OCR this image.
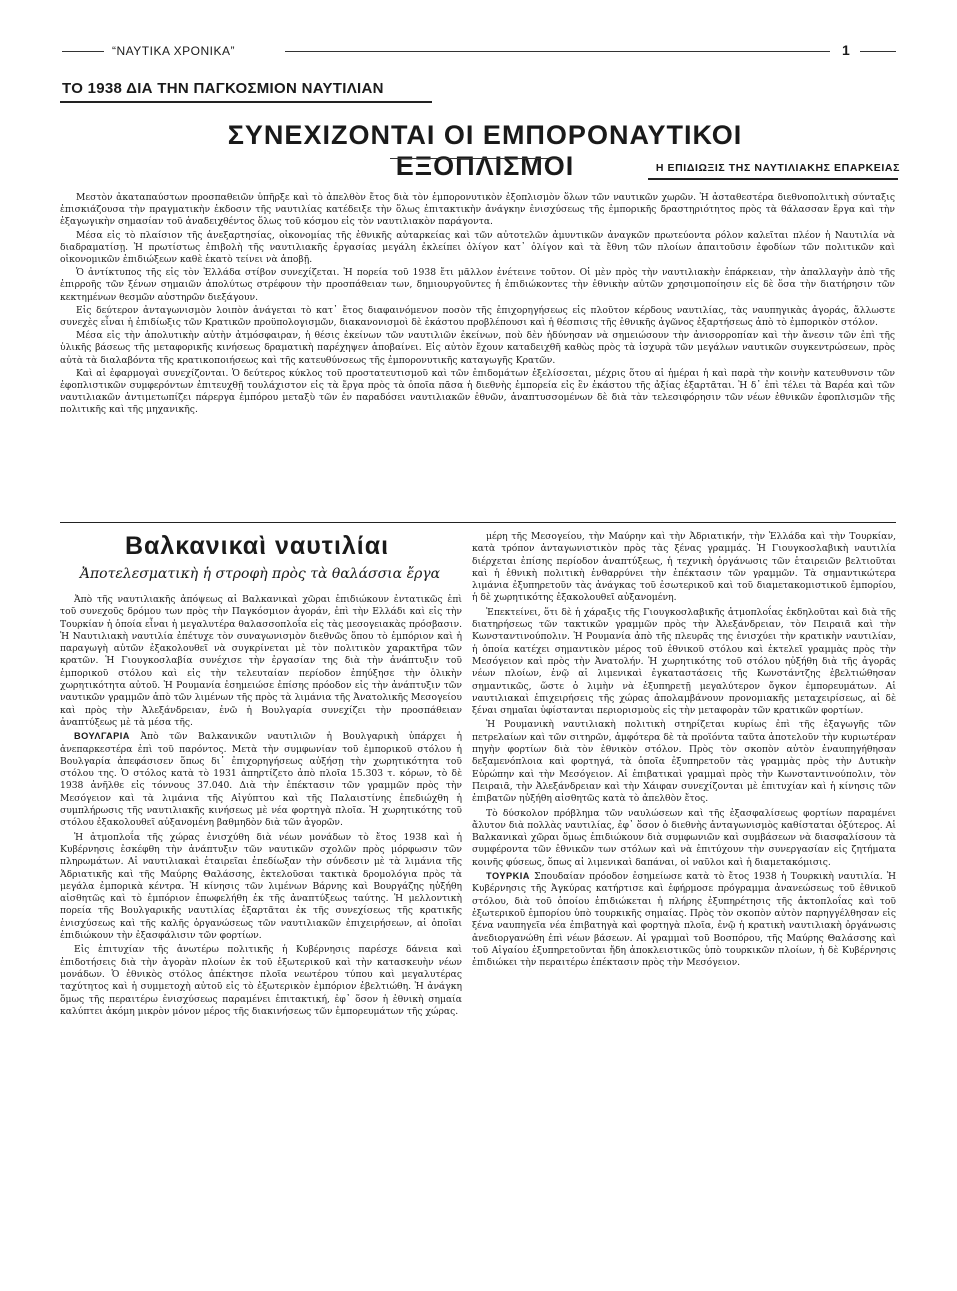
“ΝΑΥΤΙΚΑ ΧΡΟΝΙΚΑ”	1
ΤΟ 1938 ΔΙΑ ΤΗΝ ΠΑΓΚΟΣΜΙΟΝ ΝΑΥΤΙΛΙΑΝ
ΣΥΝΕΧΙΖΟΝΤΑΙ ΟΙ ΕΜΠΟΡΟΝΑΥΤΙΚΟΙ ΕΞΟΠΛΙΣΜΟΙ	Η ΕΠΙΔΙΩΞΙΣ ΤΗΣ ΝΑΥΤΙΛΙΑΚΗΣ ΕΠΑΡΚΕΙΑΣ

Μεστὸν ἀκαταπαύστων προσπαθειῶν ὑπῆρξε καὶ τὸ ἀπελθὸν ἔτος διὰ τὸν ἐμπορονυτικὸν ἐξοπλισμὸν ὅλων τῶν ναυτικῶν χωρῶν. Ἡ ἀσταθεστέρα διεθνοπολιτικὴ σύνταξις ἐπισκιάζουσα τὴν πραγματικὴν ἐκδοσιν τῆς ναυτιλίας κατέδειξε τὴν ὅλως ἐπιτακτικὴν ἀνάγκην ἐνισχύσεως τῆς ἐμπορικῆς δραστηριότητος πρὸς τὰ θάλασσαν ἔργα καὶ τὴν ἐξαγωγικὴν σημασίαν τοῦ ἀναδειχθέντος ὅλως τοῦ κόσμου εἰς τὸν ναυτιλιακὸν παράγοντα.

Μέσα εἰς τὸ πλαίσιον τῆς ἀνεξαρτησίας, οἰκονομίας τῆς ἐθνικῆς αὐταρκείας καὶ τῶν αὐτοτελῶν ἀμυντικῶν ἀναγκῶν πρωτεύοντα ρόλον καλεῖται πλέον ἡ Ναυτιλία νὰ διαδραματίσῃ. Ἡ πρωτίστως ἐπιβολὴ τῆς ναυτιλιακῆς ἐργασίας μεγάλη ἐκλείπει ὀλίγον κατ᾽ ὀλίγον καὶ τὰ ἔθνη τῶν πλοίων ἀπαιτοῦσιν ἐφοδίων τῶν πολιτικῶν καὶ οἰκονομικῶν ἐπιδιώξεων καθὲ ἑκατὸ τείνει νὰ ἀποβῇ.

Ὁ ἀντίκτυπος τῆς εἰς τὸν Ἑλλάδα στίβον συνεχίζεται. Ἡ πορεία τοῦ 1938 ἔτι μᾶλλον ἐνέτεινε τοῦτον. Οἱ μὲν πρὸς τὴν ναυτιλιακὴν ἐπάρκειαν, τὴν ἀπαλλαγὴν ἀπὸ τῆς ἐπιρροῆς τῶν ξένων σημαιῶν ἀπολύτως στρέφουν τὴν προσπάθειαν των, δημιουργοῦντες ἡ ἐπιδιώκοντες τὴν ἐθνικὴν αὐτῶν χρησιμοποίησιν εἰς δὲ ὅσα τὴν διατήρησιν τῶν κεκτημένων θεσμῶν αὐστηρῶν διεξάγουν.

Εἰς δεύτερον ἀνταγωνισμὸν λοιπὸν ἀνάγεται τὸ κατ᾽ ἔτος διαφαινόμενον ποσὸν τῆς ἐπιχορηγήσεως εἰς πλοῦτον κέρδους ναυτιλίας, τὰς ναυπηγικὰς ἀγοράς, ἄλλωστε συνεχὲς εἶναι ἡ ἐπιδίωξις τῶν Κρατικῶν προϋπολογισμῶν, διακανονισμοὶ δὲ ἐκάστου προβλέπουσι καὶ ἡ θέσπισις τῆς ἐθνικῆς ἀγῶνος ἐξαρτήσεως ἀπὸ τὸ ἐμπορικὸν στόλον.

Μέσα εἰς τὴν ἀπολυτικὴν αὐτὴν ἀτμόσφαιραν, ἡ θέσις ἐκείνων τῶν ναυτιλιῶν ἐκείνων, ποὺ δὲν ἠδύνησαν νὰ σημειώσουν τὴν ἀνισορροπίαν καὶ τὴν ἄνεσιν τῶν ἐπὶ τῆς ὑλικῆς βάσεως τῆς μεταφορικῆς κινήσεως δραματικὴ παρέχηψεν ἀποβαίνει. Εἰς αὐτὸν ἔχουν καταδειχθῆ καθὼς πρὸς τὰ ἰσχυρὰ τῶν μεγάλων ναυτικῶν συγκεντρώσεων, πρὸς αὐτὰ τὰ διαλαβόντα τῆς κρατικοποιήσεως καὶ τῆς κατευθύνσεως τῆς ἐμπορονυτικῆς καταγωγῆς Κρατῶν.

Καὶ αἱ ἐφαρμογαὶ συνεχίζονται. Ὁ δεύτερος κύκλος τοῦ προστατευτισμοῦ καὶ τῶν ἐπιδομάτων ἐξελίσσεται, μέχρις ὅτου αἱ ἡμέραι ἡ καὶ παρὰ τὴν κοινὴν κατευθυνσιν τῶν ἐφοπλιστικῶν συμφερόντων ἐπιτευχθῇ τουλάχιστον εἰς τὰ ἔργα πρὸς τὰ ὁποῖα πᾶσα ἡ διεθνὴς ἐμπορεία εἰς ἓν ἑκάστου τῆς ἀξίας ἐξαρτᾶται. Ἠ δ᾽ ἐπὶ τέλει τὰ Βαρέα καὶ τῶν ναυτιλιακῶν ἀντιμετωπίζει πάρεργα ἐμπόρου μεταξὺ τῶν ἐν παραδόσει ναυτιλιακῶν ἐθνῶν, ἀναπτυσσομένων δὲ διὰ τὰν τελεσιφόρησιν τῶν νέων ἐθνικῶν ἐφοπλισμῶν τῆς πολιτικῆς καὶ τῆς μηχανικῆς.

Βαλκανικαὶ ναυτιλίαι
Ἀποτελεσματικὴ ἡ στροφὴ πρὸς τὰ θαλάσσια ἔργα

Ἀπὸ τῆς ναυτιλιακῆς ἀπόψεως αἱ Βαλκανικαὶ χῶραι ἐπιδιώκουν ἐντατικῶς ἐπὶ τοῦ συνεχοῦς δρόμου των πρὸς τὴν Παγκόσμιον ἀγοράν, ἐπὶ τὴν Ελλάδι καὶ εἰς τὴν Τουρκίαν ἡ ὁποία εἶναι ἡ μεγαλυτέρα θαλασσοπλοΐα εἰς τὰς μεσογειακὰς πρόσβασιν. Ἡ Ναυτιλιακὴ ναυτιλία ἐπέτυχε τὸν συναγωνισμὸν διεθνῶς ὅπου τὸ ἐμπόριον καὶ ἡ παραγωγὴ αὐτῶν ἐξακολουθεῖ νὰ συγκρίνεται μὲ τὸν πολιτικὸν χαρακτῆρα τῶν κρατῶν. Ἡ Γιουγκοσλαβία συνέχισε τὴν ἐργασίαν της διὰ τὴν ἀνάπτυξιν τοῦ ἐμπορικοῦ στόλου καὶ εἰς τὴν τελευταίαν περίοδον ἐπηύξησε τὴν ὁλικὴν χωρητικότητα αὐτοῦ. Ἡ Ρουμανία ἐσημειώσε ἐπίσης πρόοδον εἰς τὴν ἀνάπτυξιν τῶν ναυτικῶν γραμμῶν ἀπὸ τῶν λιμένων τῆς πρὸς τὰ λιμάνια τῆς Ἀνατολικῆς Μεσογείου καὶ πρὸς τὴν Ἀλεξάνδρειαν, ἐνῶ ἡ Βουλγαρία συνεχίζει τὴν προσπάθειαν ἀναπτύξεως μὲ τὰ μέσα τῆς.

ΒΟΥΛΓΑΡΙΑ Ἀπὸ τῶν Βαλκανικῶν ναυτιλιῶν ἡ Βουλγαρικὴ ὑπάρχει ἡ ἀνεπαρκεστέρα ἐπὶ τοῦ παρόντος. Μετὰ τὴν συμφωνίαν τοῦ ἐμπορικοῦ στόλου ἡ Βουλγαρία ἀπεφάσισεν ὅπως δι᾽ ἐπιχορηγήσεως αὐξήσῃ τὴν χωρητικότητα τοῦ στόλου της. Ὁ στόλος κατὰ τὸ 1931 ἀπηρτίζετο ἀπὸ πλοῖα 15.303 τ. κόρων, τὸ δὲ 1938 ἀνῆλθε εἰς τόννους 37.040. Διὰ τὴν ἐπέκτασιν τῶν γραμμῶν πρὸς τὴν Μεσόγειον καὶ τὰ λιμάνια τῆς Αἰγύπτου καὶ τῆς Παλαιστίνης ἐπεδιώχθη ἡ συμπλήρωσις τῆς ναυτιλιακῆς κινήσεως μὲ νέα φορτηγὰ πλοῖα. Ἡ χωρητικότης τοῦ στόλου ἐξακολουθεῖ αὐξανομένη βαθμηδὸν διὰ τῶν ἀγορῶν.

Ἡ ἀτμοπλοΐα τῆς χώρας ἐνισχύθη διὰ νέων μονάδων τὸ ἔτος 1938 καὶ ἡ Κυβέρνησις ἐσκέφθη τὴν ἀνάπτυξιν τῶν ναυτικῶν σχολῶν πρὸς μόρφωσιν τῶν πληρωμάτων. Αἱ ναυτιλιακαὶ ἑταιρεῖαι ἐπεδίωξαν τὴν σύνδεσιν μὲ τὰ λιμάνια τῆς Ἀδριατικῆς καὶ τῆς Μαύρης Θαλάσσης, ἐκτελοῦσαι τακτικὰ δρομολόγια πρὸς τὰ μεγάλα ἐμπορικὰ κέντρα. Ἡ κίνησις τῶν λιμένων Βάρνης καὶ Βουργάζης ηὐξήθη αἰσθητῶς καὶ τὸ ἐμπόριον ἐπωφελήθη ἐκ τῆς ἀναπτύξεως ταύτης. Ἡ μελλοντικὴ πορεία τῆς Βουλγαρικῆς ναυτιλίας ἐξαρτᾶται ἐκ τῆς συνεχίσεως τῆς κρατικῆς ἐνισχύσεως καὶ τῆς καλῆς ὀργανώσεως τῶν ναυτιλιακῶν ἐπιχειρήσεων, αἱ ὁποῖαι ἐπιδιώκουν τὴν ἐξασφάλισιν τῶν φορτίων.

Εἰς ἐπιτυχίαν τῆς ἀνωτέρω πολιτικῆς ἡ Κυβέρνησις παρέσχε δάνεια καὶ ἐπιδοτήσεις διὰ τὴν ἀγορὰν πλοίων ἐκ τοῦ ἐξωτερικοῦ καὶ τὴν κατασκευὴν νέων μονάδων. Ὁ ἐθνικὸς στόλος ἀπέκτησε πλοῖα νεωτέρου τύπου καὶ μεγαλυτέρας ταχύτητος καὶ ἡ συμμετοχὴ αὐτοῦ εἰς τὸ ἐξωτερικὸν ἐμπόριον ἐβελτιώθη. Ἡ ἀνάγκη ὅμως τῆς περαιτέρω ἐνισχύσεως παραμένει ἐπιτακτική, ἐφ᾽ ὅσον ἡ ἐθνικὴ σημαία καλύπτει ἀκόμη μικρὸν μόνον μέρος τῆς διακινήσεως τῶν ἐμπορευμάτων τῆς χώρας.

μέρη τῆς Μεσογείου, τὴν Μαύρην καὶ τὴν Ἀδριατικήν, τὴν Ἑλλάδα καὶ τὴν Τουρκίαν, κατὰ τρόπον ἀνταγωνιστικὸν πρὸς τὰς ξένας γραμμάς. Ἡ Γιουγκοσλαβικὴ ναυτιλία διέρχεται ἐπίσης περίοδον ἀναπτύξεως, ἡ τεχνικὴ ὀργάνωσις τῶν ἑταιρειῶν βελτιοῦται καὶ ἡ ἐθνικὴ πολιτικὴ ἐνθαρρύνει τὴν ἐπέκτασιν τῶν γραμμῶν. Τὰ σημαντικώτερα λιμάνια ἐξυπηρετοῦν τὰς ἀνάγκας τοῦ ἐσωτερικοῦ καὶ τοῦ διαμετακομιστικοῦ ἐμπορίου, ἡ δὲ χωρητικότης ἐξακολουθεῖ αὐξανομένη.

Ἐπεκτείνει, ὅτι δὲ ἡ χάραξις τῆς Γιουγκοσλαβικῆς ἀτμοπλοΐας ἐκδηλοῦται καὶ διὰ τῆς διατηρήσεως τῶν τακτικῶν γραμμῶν πρὸς τὴν Ἀλεξάνδρειαν, τὸν Πειραιᾶ καὶ τὴν Κωνσταντινούπολιν. Ἡ Ρουμανία ἀπὸ τῆς πλευρᾶς της ἐνισχύει τὴν κρατικὴν ναυτιλίαν, ἡ ὁποία κατέχει σημαντικὸν μέρος τοῦ ἐθνικοῦ στόλου καὶ ἐκτελεῖ γραμμὰς πρὸς τὴν Μεσόγειον καὶ πρὸς τὴν Ἀνατολήν. Ἡ χωρητικότης τοῦ στόλου ηὐξήθη διὰ τῆς ἀγορᾶς νέων πλοίων, ἐνῷ αἱ λιμενικαὶ ἐγκαταστάσεις τῆς Κωνστάντζης ἐβελτιώθησαν σημαντικῶς, ὥστε ὁ λιμὴν νὰ ἐξυπηρετῇ μεγαλύτερον ὄγκον ἐμπορευμάτων. Αἱ ναυτιλιακαὶ ἐπιχειρήσεις τῆς χώρας ἀπολαμβάνουν προνομιακῆς μεταχειρίσεως, αἱ δὲ ξέναι σημαῖαι ὑφίστανται περιορισμοὺς εἰς τὴν μεταφορὰν τῶν κρατικῶν φορτίων.

Ἡ Ρουμανικὴ ναυτιλιακὴ πολιτικὴ στηρίζεται κυρίως ἐπὶ τῆς ἐξαγωγῆς τῶν πετρελαίων καὶ τῶν σιτηρῶν, ἀμφότερα δὲ τὰ προϊόντα ταῦτα ἀποτελοῦν τὴν κυριωτέραν πηγὴν φορτίων διὰ τὸν ἐθνικὸν στόλον. Πρὸς τὸν σκοπὸν αὐτὸν ἐναυπηγήθησαν δεξαμενόπλοια καὶ φορτηγά, τὰ ὁποῖα ἐξυπηρετοῦν τὰς γραμμὰς πρὸς τὴν Δυτικὴν Εὐρώπην καὶ τὴν Μεσόγειον. Αἱ ἐπιβατικαὶ γραμμαὶ πρὸς τὴν Κωνσταντινούπολιν, τὸν Πειραιᾶ, τὴν Ἀλεξάνδρειαν καὶ τὴν Χάιφαν συνεχίζονται μὲ ἐπιτυχίαν καὶ ἡ κίνησις τῶν ἐπιβατῶν ηὐξήθη αἰσθητῶς κατὰ τὸ ἀπελθὸν ἔτος.

Τὸ δύσκολον πρόβλημα τῶν ναυλώσεων καὶ τῆς ἐξασφαλίσεως φορτίων παραμένει ἄλυτον διὰ πολλὰς ναυτιλίας, ἐφ᾽ ὅσον ὁ διεθνὴς ἀνταγωνισμὸς καθίσταται ὀξύτερος. Αἱ Βαλκανικαὶ χῶραι ὅμως ἐπιδιώκουν διὰ συμφωνιῶν καὶ συμβάσεων νὰ διασφαλίσουν τὰ συμφέροντα τῶν ἐθνικῶν των στόλων καὶ νὰ ἐπιτύχουν τὴν συνεργασίαν εἰς ζητήματα κοινῆς φύσεως, ὅπως αἱ λιμενικαὶ δαπάναι, οἱ ναῦλοι καὶ ἡ διαμετακόμισις.

ΤΟΥΡΚΙΑ Σπουδαίαν πρόοδον ἐσημείωσε κατὰ τὸ ἔτος 1938 ἡ Τουρκικὴ ναυτιλία. Ἡ Κυβέρνησις τῆς Ἀγκύρας κατήρτισε καὶ ἐφήρμοσε πρόγραμμα ἀνανεώσεως τοῦ ἐθνικοῦ στόλου, διὰ τοῦ ὁποίου ἐπιδιώκεται ἡ πλήρης ἐξυπηρέτησις τῆς ἀκτοπλοΐας καὶ τοῦ ἐξωτερικοῦ ἐμπορίου ὑπὸ τουρκικῆς σημαίας. Πρὸς τὸν σκοπὸν αὐτὸν παρηγγέλθησαν εἰς ξένα ναυπηγεῖα νέα ἐπιβατηγὰ καὶ φορτηγὰ πλοῖα, ἐνῷ ἡ κρατικὴ ναυτιλιακὴ ὀργάνωσις ἀνεδιοργανώθη ἐπὶ νέων βάσεων. Αἱ γραμμαὶ τοῦ Βοσπόρου, τῆς Μαύρης Θαλάσσης καὶ τοῦ Αἰγαίου ἐξυπηρετοῦνται ἤδη ἀποκλειστικῶς ὑπὸ τουρκικῶν πλοίων, ἡ δὲ Κυβέρνησις ἐπιδιώκει τὴν περαιτέρω ἐπέκτασιν πρὸς τὴν Μεσόγειον.
